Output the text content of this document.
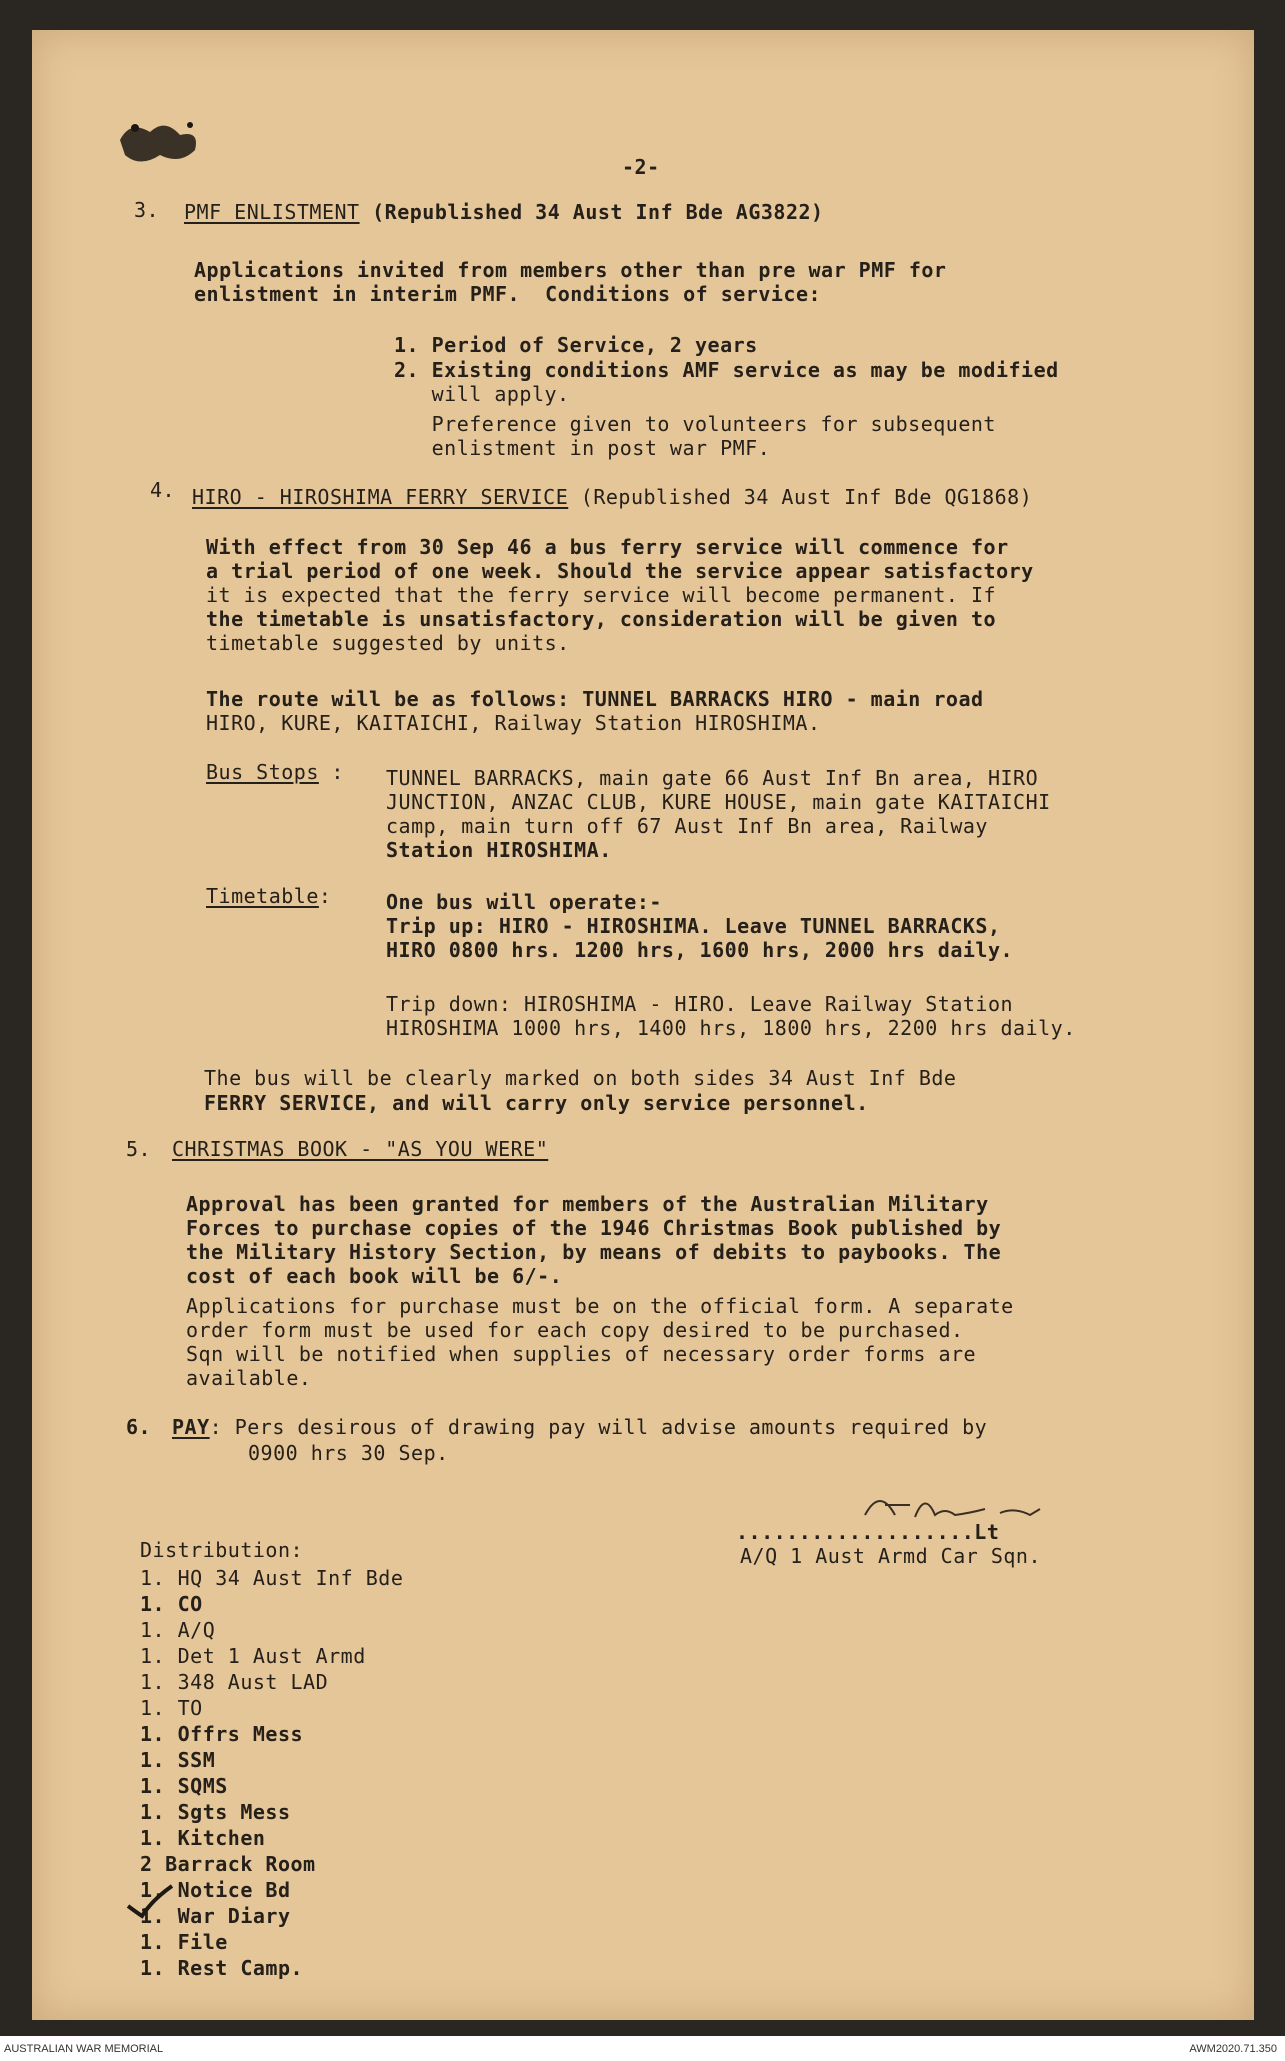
-2-
3. PMF ENLISTMENT (Republished 34 Aust Inf Bde AG3822)
Applications invited from members other than pre war PMF for
enlistment in interim PMF.  Conditions of service:
1. Period of Service, 2 years
2. Existing conditions AMF service as may be modified
will apply.
Preference given to volunteers for subsequent
enlistment in post war PMF.
4. HIRO - HIROSHIMA FERRY SERVICE (Republished 34 Aust Inf Bde QG1868)
With effect from 30 Sep 46 a bus ferry service will commence for
a trial period of one week. Should the service appear satisfactory
it is expected that the ferry service will become permanent. If
the timetable is unsatisfactory, consideration will be given to
timetable suggested by units.
The route will be as follows: TUNNEL BARRACKS HIRO - main road
HIRO, KURE, KAITAICHI, Railway Station HIROSHIMA.
Bus Stops : TUNNEL BARRACKS, main gate 66 Aust Inf Bn area, HIRO
JUNCTION, ANZAC CLUB, KURE HOUSE, main gate KAITAICHI
camp, main turn off 67 Aust Inf Bn area, Railway
Station HIROSHIMA.
Timetable:	One bus will operate:-
Trip up: HIRO - HIROSHIMA. Leave TUNNEL BARRACKS,
HIRO 0800 hrs. 1200 hrs, 1600 hrs, 2000 hrs daily.
Trip down: HIROSHIMA - HIRO. Leave Railway Station
HIROSHIMA 1000 hrs, 1400 hrs, 1800 hrs, 2200 hrs daily.
The bus will be clearly marked on both sides 34 Aust Inf Bde
FERRY SERVICE, and will carry only service personnel.
5. CHRISTMAS BOOK - "AS YOU WERE"
Approval has been granted for members of the Australian Military
Forces to purchase copies of the 1946 Christmas Book published by
the Military History Section, by means of debits to paybooks. The
cost of each book will be 6/-.
Applications for purchase must be on the official form. A separate
order form must be used for each copy desired to be purchased.
Sqn will be notified when supplies of necessary order forms are
available.
6. PAY: Pers desirous of drawing pay will advise amounts required by
0900 hrs 30 Sep.
...................Lt
A/Q 1 Aust Armd Car Sqn.
Distribution:
1. HQ 34 Aust Inf Bde
1. CO
1. A/Q
1. Det 1 Aust Armd
1. 348 Aust LAD
1. TO
1. Offrs Mess
1. SSM
1. SQMS
1. Sgts Mess
1. Kitchen
2 Barrack Room
1. Notice Bd
1. War Diary
1. File
1. Rest Camp.
AUSTRALIAN WAR MEMORIAL	AWM2020.71.350
